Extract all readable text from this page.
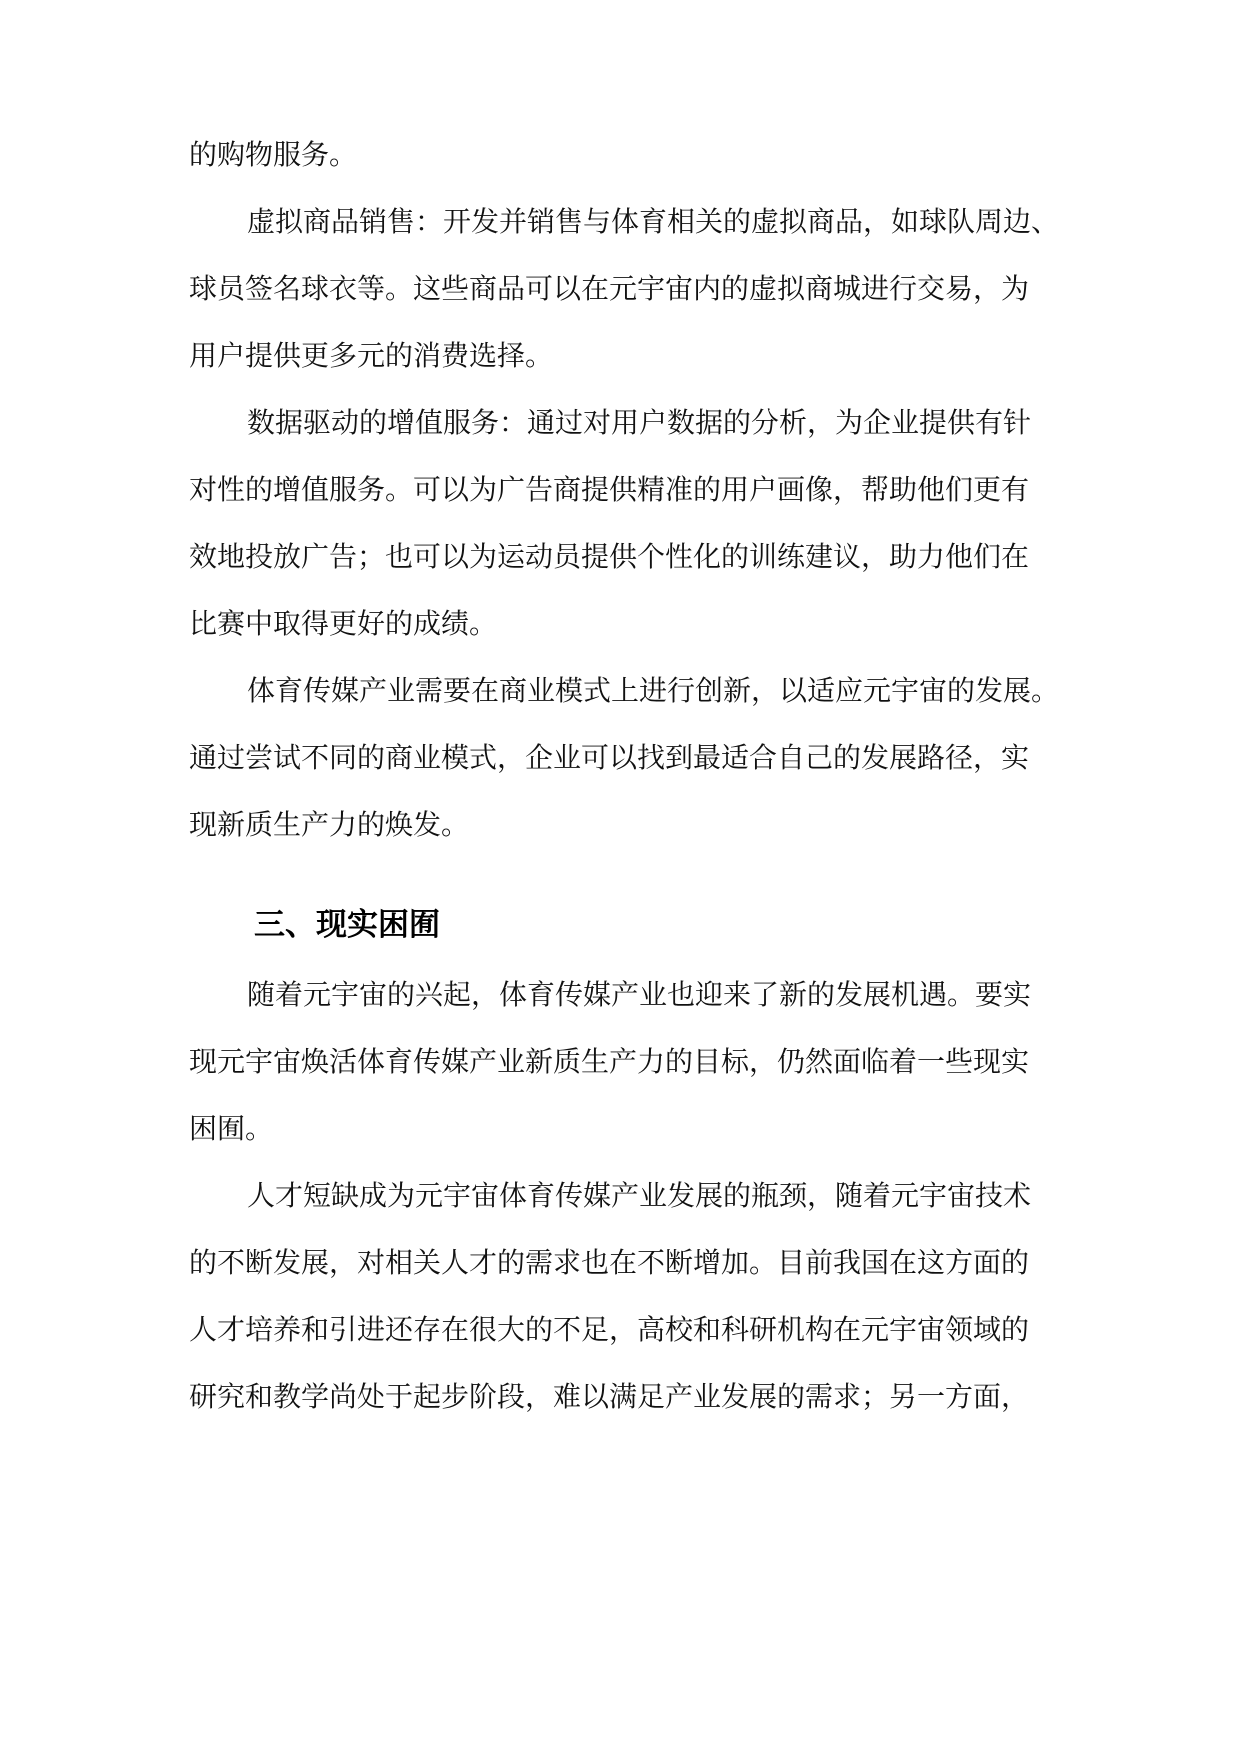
的购物服务。
虚拟商品销售：开发并销售与体育相关的虚拟商品，如球队周边、
球员签名球衣等。这些商品可以在元宇宙内的虚拟商城进行交易，为
用户提供更多元的消费选择。
数据驱动的增值服务：通过对用户数据的分析，为企业提供有针
对性的增值服务。可以为广告商提供精准的用户画像，帮助他们更有
效地投放广告；也可以为运动员提供个性化的训练建议，助力他们在
比赛中取得更好的成绩。
体育传媒产业需要在商业模式上进行创新，以适应元宇宙的发展。
通过尝试不同的商业模式，企业可以找到最适合自己的发展路径，实
现新质生产力的焕发。
三、现实困囿
随着元宇宙的兴起，体育传媒产业也迎来了新的发展机遇。要实
现元宇宙焕活体育传媒产业新质生产力的目标，仍然面临着一些现实
困囿。
人才短缺成为元宇宙体育传媒产业发展的瓶颈，随着元宇宙技术
的不断发展，对相关人才的需求也在不断增加。目前我国在这方面的
人才培养和引进还存在很大的不足，高校和科研机构在元宇宙领域的
研究和教学尚处于起步阶段，难以满足产业发展的需求；另一方面，
